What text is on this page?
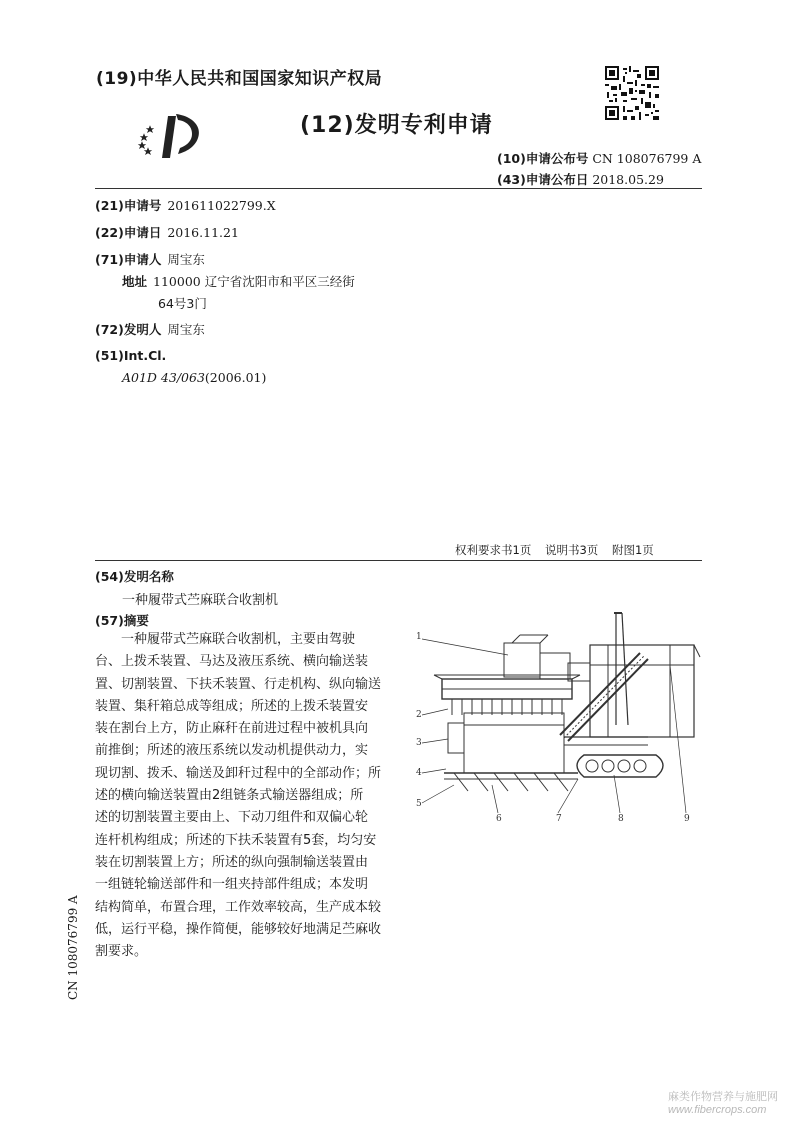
(19)中华人民共和国国家知识产权局
(12)发明专利申请
(10)申请公布号 CN 108076799 A
(43)申请公布日 2018.05.29
(21)申请号 201611022799.X
(22)申请日 2016.11.21
(71)申请人 周宝东
地址 110000 辽宁省沈阳市和平区三经街
64号3门
(72)发明人 周宝东
(51)Int.Cl.
A01D 43/063(2006.01)
权利要求书1页 说明书3页 附图1页
(54)发明名称
一种履带式苎麻联合收割机
(57)摘要
一种履带式苎麻联合收割机，主要由驾驶
台、上拨禾装置、马达及液压系统、横向输送装
置、切割装置、下扶禾装置、行走机构、纵向输送
装置、集秆箱总成等组成；所述的上拨禾装置安
装在割台上方，防止麻秆在前进过程中被机具向
前推倒；所述的液压系统以发动机提供动力，实
现切割、拨禾、输送及卸秆过程中的全部动作；所
述的横向输送装置由2组链条式输送器组成；所
述的切割装置主要由上、下动刀组件和双偏心轮
连杆机构组成；所述的下扶禾装置有5套，均匀安
装在切割装置上方；所述的纵向强制输送装置由
一组链轮输送部件和一组夹持部件组成；本发明
结构简单，布置合理，工作效率较高，生产成本较
低，运行平稳，操作简便，能够较好地满足苎麻收
割要求。
1
2
3
4
5
6	7	8	9
CN 108076799 A
麻类作物营养与施肥网
www.fibercrops.com
